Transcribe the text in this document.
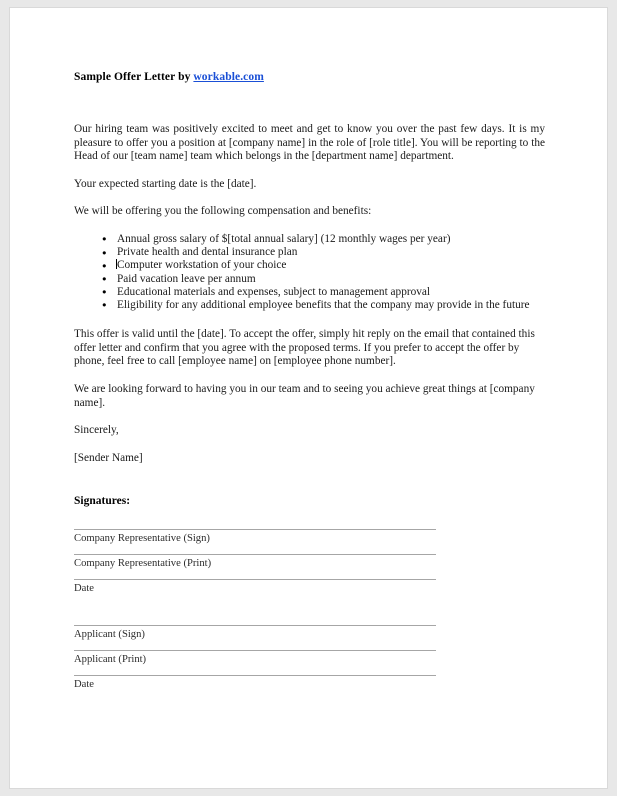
Sample Offer Letter by workable.com

Our hiring team was positively excited to meet and get to know you over the past few days. It is my pleasure to offer you a position at [company name] in the role of [role title]. You will be reporting to the Head of our [team name] team which belongs in the [department name] department.

Your expected starting date is the [date].

We will be offering you the following compensation and benefits:

● Annual gross salary of $[total annual salary] (12 monthly wages per year)
● Private health and dental insurance plan
● Computer workstation of your choice
● Paid vacation leave per annum
● Educational materials and expenses, subject to management approval
● Eligibility for any additional employee benefits that the company may provide in the future

This offer is valid until the [date]. To accept the offer, simply hit reply on the email that contained this offer letter and confirm that you agree with the proposed terms. If you prefer to accept the offer by phone, feel free to call [employee name] on [employee phone number].

We are looking forward to having you in our team and to seeing you achieve great things at [company name].

Sincerely,

[Sender Name]

Signatures:
Company Representative (Sign)
Company Representative (Print)
Date
Applicant (Sign)
Applicant (Print)
Date
